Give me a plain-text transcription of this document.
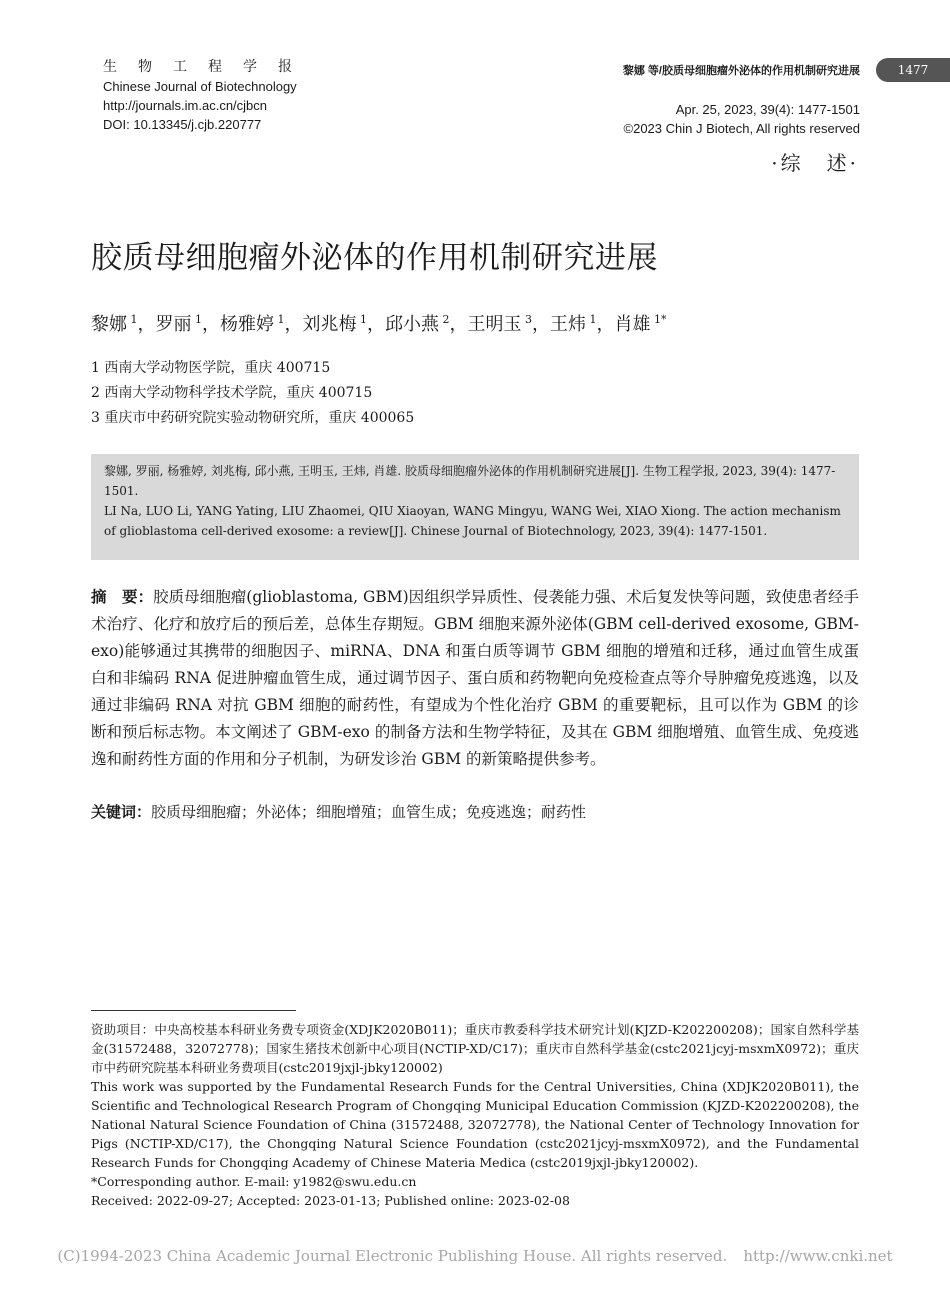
生物工程学报
Chinese Journal of Biotechnology
http://journals.im.ac.cn/cjbcn
DOI: 10.13345/j.cjb.220777
黎娜 等/胶质母细胞瘤外泌体的作用机制研究进展
Apr. 25, 2023, 39(4): 1477-1501
©2023 Chin J Biotech, All rights reserved
1477
·综　述·
胶质母细胞瘤外泌体的作用机制研究进展
黎娜 $^1$，罗丽 $^1$，杨雅婷 $^1$，刘兆梅 $^1$，邱小燕 $^2$，王明玉 $^3$，王炜 $^1$，肖雄 $^{1*}$
1 西南大学动物医学院，重庆 400715
2 西南大学动物科学技术学院，重庆 400715
3 重庆市中药研究院实验动物研究所，重庆 400065
黎娜, 罗丽, 杨雅婷, 刘兆梅, 邱小燕, 王明玉, 王炜, 肖雄. 胶质母细胞瘤外泌体的作用机制研究进展[J]. 生物工程学报, 2023, 39(4): 1477-1501.
LI Na, LUO Li, YANG Yating, LIU Zhaomei, QIU Xiaoyan, WANG Mingyu, WANG Wei, XIAO Xiong. The action mechanism of glioblastoma cell-derived exosome: a review[J]. Chinese Journal of Biotechnology, 2023, 39(4): 1477-1501.
摘　要：胶质母细胞瘤(glioblastoma, GBM)因组织学异质性、侵袭能力强、术后复发快等问题，致使患者经手术治疗、化疗和放疗后的预后差，总体生存期短。GBM 细胞来源外泌体(GBM cell-derived exosome, GBM-exo)能够通过其携带的细胞因子、miRNA、DNA 和蛋白质等调节 GBM 细胞的增殖和迁移，通过血管生成蛋白和非编码 RNA 促进肿瘤血管生成，通过调节因子、蛋白质和药物靶向免疫检查点等介导肿瘤免疫逃逸，以及通过非编码 RNA 对抗 GBM 细胞的耐药性，有望成为个性化治疗 GBM 的重要靶标，且可以作为 GBM 的诊断和预后标志物。本文阐述了 GBM-exo 的制备方法和生物学特征，及其在 GBM 细胞增殖、血管生成、免疫逃逸和耐药性方面的作用和分子机制，为研发诊治 GBM 的新策略提供参考。
关键词：胶质母细胞瘤；外泌体；细胞增殖；血管生成；免疫逃逸；耐药性
资助项目：中央高校基本科研业务费专项资金(XDJK2020B011)；重庆市教委科学技术研究计划(KJZD-K202200208)；国家自然科学基金(31572488，32072778)；国家生猪技术创新中心项目(NCTIP-XD/C17)；重庆市自然科学基金(cstc2021jcyj-msxmX0972)；重庆市中药研究院基本科研业务费项目(cstc2019jxjl-jbky120002)
This work was supported by the Fundamental Research Funds for the Central Universities, China (XDJK2020B011), the Scientific and Technological Research Program of Chongqing Municipal Education Commission (KJZD-K202200208), the National Natural Science Foundation of China (31572488, 32072778), the National Center of Technology Innovation for Pigs (NCTIP-XD/C17), the Chongqing Natural Science Foundation (cstc2021jcyj-msxmX0972), and the Fundamental Research Funds for Chongqing Academy of Chinese Materia Medica (cstc2019jxjl-jbky120002).
*Corresponding author. E-mail: y1982@swu.edu.cn
Received: 2022-09-27; Accepted: 2023-01-13; Published online: 2023-02-08
(C)1994-2023 China Academic Journal Electronic Publishing House. All rights reserved. http://www.cnki.net
